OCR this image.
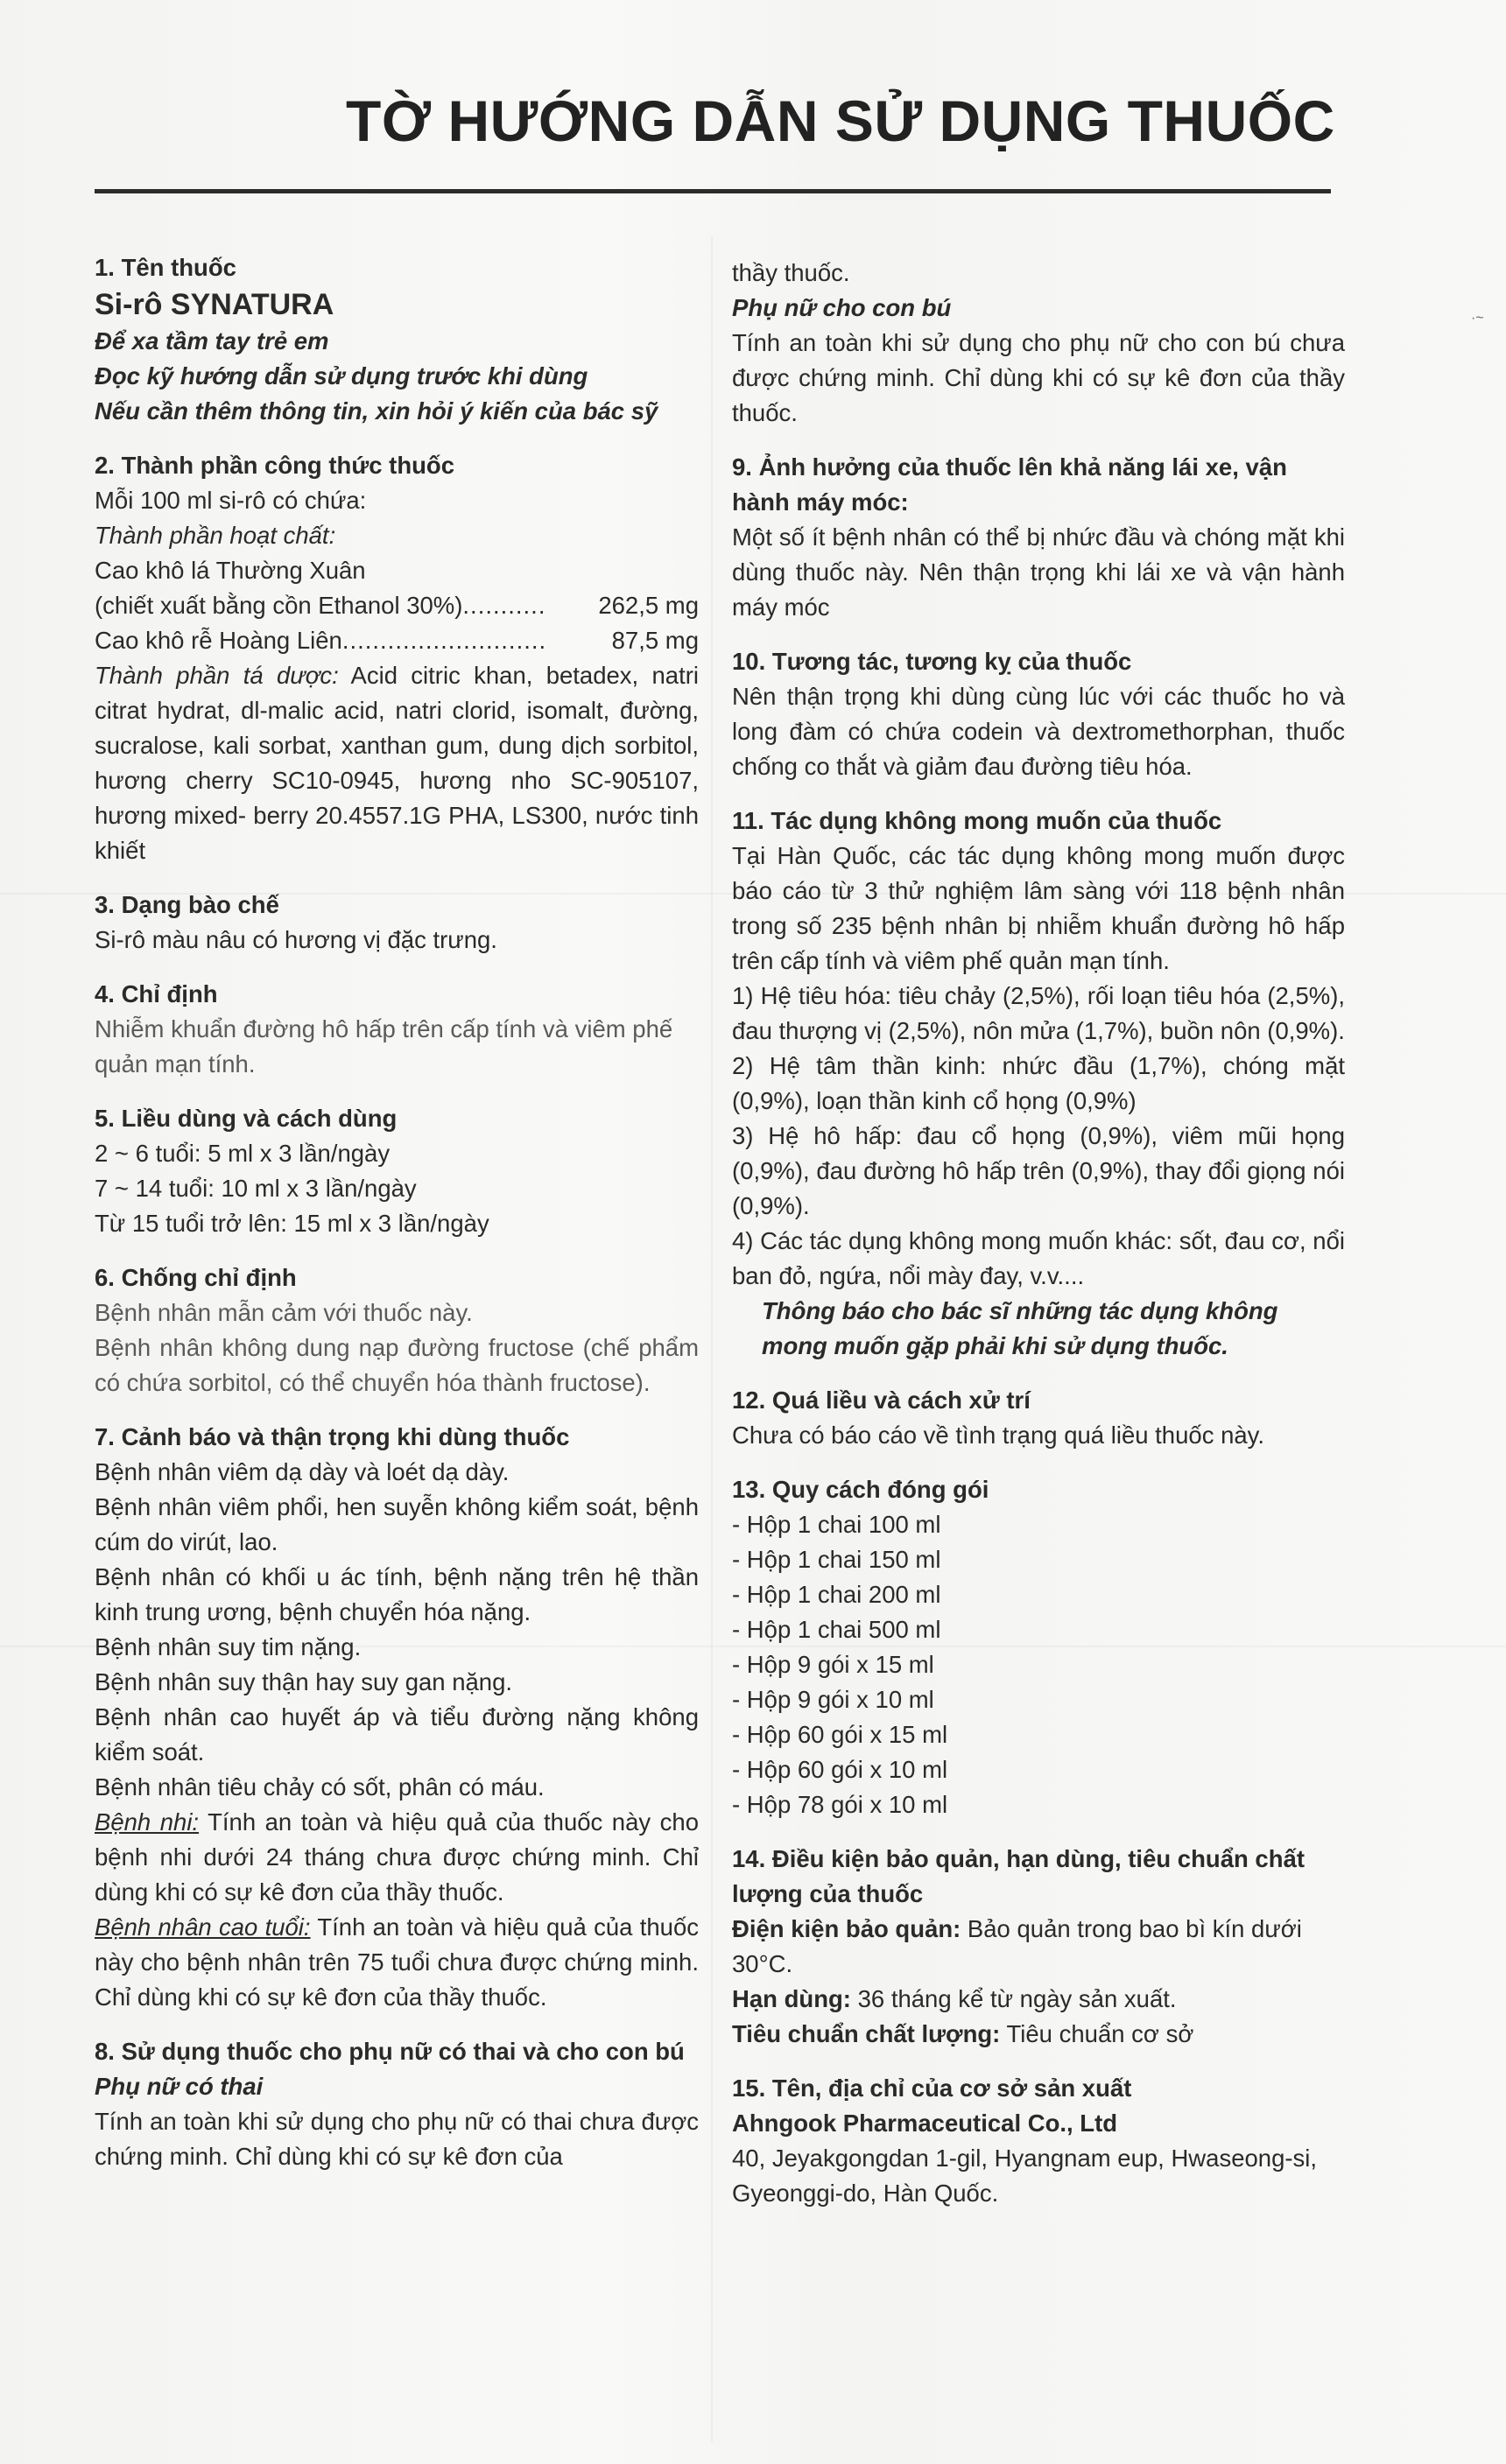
·~
TỜ HƯỚNG DẪN SỬ DỤNG THUỐC
1. Tên thuốc
Si-rô SYNATURA
Để xa tầm tay trẻ em
Đọc kỹ hướng dẫn sử dụng trước khi dùng
Nếu cần thêm thông tin, xin hỏi ý kiến của bác sỹ
2. Thành phần công thức thuốc
Mỗi 100 ml si-rô có chứa:
Thành phần hoạt chất:
Cao khô lá Thường Xuân
(chiết xuất bằng cồn Ethanol 30%) ...........	262,5 mg
Cao khô rễ Hoàng Liên ...........................	87,5 mg
Thành phần tá dược: Acid citric khan, betadex, natri citrat hydrat, dl-malic acid, natri clorid, isomalt, đường, sucralose, kali sorbat, xanthan gum, dung dịch sorbitol, hương cherry SC10-0945, hương nho SC-905107, hương mixed- berry 20.4557.1G PHA, LS300, nước tinh khiết
3. Dạng bào chế
Si-rô màu nâu có hương vị đặc trưng.
4. Chỉ định
Nhiễm khuẩn đường hô hấp trên cấp tính và viêm phế quản mạn tính.
5. Liều dùng và cách dùng
2 ~ 6 tuổi: 5 ml x 3 lần/ngày
7 ~ 14 tuổi: 10 ml x 3 lần/ngày
Từ 15 tuổi trở lên: 15 ml x 3 lần/ngày
6. Chống chỉ định
Bệnh nhân mẫn cảm với thuốc này.
Bệnh nhân không dung nạp đường fructose (chế phẩm có chứa sorbitol, có thể chuyển hóa thành fructose).
7. Cảnh báo và thận trọng khi dùng thuốc
Bệnh nhân viêm dạ dày và loét dạ dày.
Bệnh nhân viêm phổi, hen suyễn không kiểm soát, bệnh cúm do virút, lao.
Bệnh nhân có khối u ác tính, bệnh nặng trên hệ thần kinh trung ương, bệnh chuyển hóa nặng.
Bệnh nhân suy tim nặng.
Bệnh nhân suy thận hay suy gan nặng.
Bệnh nhân cao huyết áp và tiểu đường nặng không kiểm soát.
Bệnh nhân tiêu chảy có sốt, phân có máu.
Bệnh nhi: Tính an toàn và hiệu quả của thuốc này cho bệnh nhi dưới 24 tháng chưa được chứng minh. Chỉ dùng khi có sự kê đơn của thầy thuốc.
Bệnh nhân cao tuổi: Tính an toàn và hiệu quả của thuốc này cho bệnh nhân trên 75 tuổi chưa được chứng minh. Chỉ dùng khi có sự kê đơn của thầy thuốc.
8. Sử dụng thuốc cho phụ nữ có thai và cho con bú
Phụ nữ có thai
Tính an toàn khi sử dụng cho phụ nữ có thai chưa được chứng minh. Chỉ dùng khi có sự kê đơn của
thầy thuốc.
Phụ nữ cho con bú
Tính an toàn khi sử dụng cho phụ nữ cho con bú chưa được chứng minh. Chỉ dùng khi có sự kê đơn của thầy thuốc.
9. Ảnh hưởng của thuốc lên khả năng lái xe, vận hành máy móc:
Một số ít bệnh nhân có thể bị nhức đầu và chóng mặt khi dùng thuốc này. Nên thận trọng khi lái xe và vận hành máy móc
10. Tương tác, tương kỵ của thuốc
Nên thận trọng khi dùng cùng lúc với các thuốc ho và long đàm có chứa codein và dextromethorphan, thuốc chống co thắt và giảm đau đường tiêu hóa.
11. Tác dụng không mong muốn của thuốc
Tại Hàn Quốc, các tác dụng không mong muốn được báo cáo từ 3 thử nghiệm lâm sàng với 118 bệnh nhân trong số 235 bệnh nhân bị nhiễm khuẩn đường hô hấp trên cấp tính và viêm phế quản mạn tính.
1) Hệ tiêu hóa: tiêu chảy (2,5%), rối loạn tiêu hóa (2,5%), đau thượng vị (2,5%), nôn mửa (1,7%), buồn nôn (0,9%).
2) Hệ tâm thần kinh: nhức đầu (1,7%), chóng mặt (0,9%), loạn thần kinh cổ họng (0,9%)
3) Hệ hô hấp: đau cổ họng (0,9%), viêm mũi họng (0,9%), đau đường hô hấp trên (0,9%), thay đổi giọng nói (0,9%).
4) Các tác dụng không mong muốn khác: sốt, đau cơ, nổi ban đỏ, ngứa, nổi mày đay, v.v....
Thông báo cho bác sĩ những tác dụng không mong muốn gặp phải khi sử dụng thuốc.
12. Quá liều và cách xử trí
Chưa có báo cáo về tình trạng quá liều thuốc này.
13. Quy cách đóng gói
- Hộp 1 chai 100 ml
- Hộp 1 chai 150 ml
- Hộp 1 chai 200 ml
- Hộp 1 chai 500 ml
- Hộp 9 gói x 15 ml
- Hộp 9 gói x 10 ml
- Hộp 60 gói x 15 ml
- Hộp 60 gói x 10 ml
- Hộp 78 gói x 10 ml
14. Điều kiện bảo quản, hạn dùng, tiêu chuẩn chất lượng của thuốc
Điện kiện bảo quản: Bảo quản trong bao bì kín dưới 30°C.
Hạn dùng: 36 tháng kể từ ngày sản xuất.
Tiêu chuẩn chất lượng: Tiêu chuẩn cơ sở
15. Tên, địa chỉ của cơ sở sản xuất
Ahngook Pharmaceutical Co., Ltd
40, Jeyakgongdan 1-gil, Hyangnam eup, Hwaseong-si, Gyeonggi-do, Hàn Quốc.
